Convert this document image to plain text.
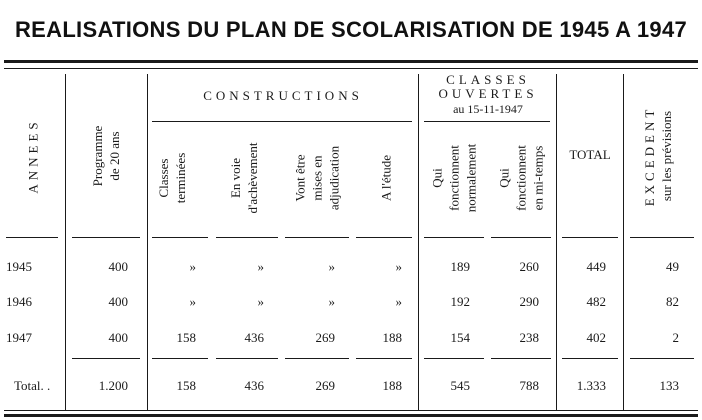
REALISATIONS DU PLAN DE SCOLARISATION DE 1945 A 1947
ANNEES	Programme de 20 ans
CONSTRUCTIONS
Classes terminées	En voie d'achèvement	Vont être mises en adjudication	A l'étude
CLASSES
OUVERTES
au 15-11-1947
Qui fonctionnent normalement Qui fonctionnent en mi-temps	TOTAL	EXCEDENT sur les prévisions
1945	400	»	»	»	»	189	260	449	49
1946	400	»	»	»	»	192	290	482	82
1947	400	158	436	269	188	154	238	402	2
Total. .	1.200	158	436	269	188	545	788	1.333	133
